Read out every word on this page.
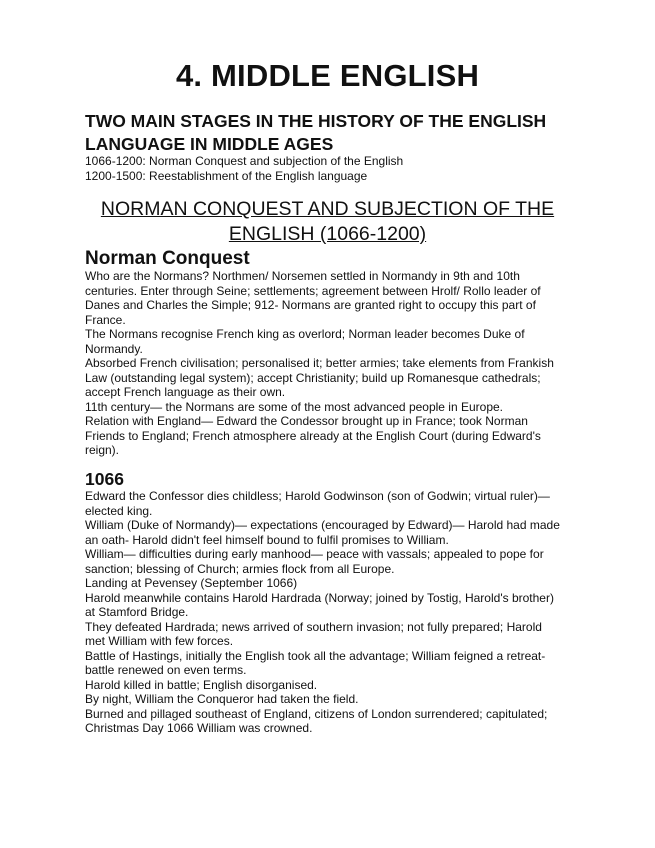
4. MIDDLE ENGLISH
TWO MAIN STAGES IN THE HISTORY OF THE ENGLISH
LANGUAGE IN MIDDLE AGES

1066-1200: Norman Conquest and subjection of the English

1200-1500: Reestablishment of the English language

NORMAN CONQUEST AND SUBJECTION OF THE
ENGLISH (1066-1200)
Norman Conquest

Who are the Normans? Northmen/ Norsemen settled in Normandy in 9th and 10th

centuries. Enter through Seine; settlements; agreement between Hrolf/ Rollo leader of

Danes and Charles the Simple; 912- Normans are granted right to occupy this part of

France.

The Normans recognise French king as overlord; Norman leader becomes Duke of

Normandy.

Absorbed French civilisation; personalised it; better armies; take elements from Frankish

Law (outstanding legal system); accept Christianity; build up Romanesque cathedrals;

accept French language as their own.

11th century— the Normans are some of the most advanced people in Europe.

Relation with England— Edward the Condessor brought up in France; took Norman

Friends to England; French atmosphere already at the English Court (during Edward's

reign).

1066

Edward the Confessor dies childless; Harold Godwinson (son of Godwin; virtual ruler)—

elected king.

William (Duke of Normandy)— expectations (encouraged by Edward)— Harold had made

an oath- Harold didn't feel himself bound to fulfil promises to William.

William— difficulties during early manhood— peace with vassals; appealed to pope for

sanction; blessing of Church; armies flock from all Europe.

Landing at Pevensey (September 1066)

Harold meanwhile contains Harold Hardrada (Norway; joined by Tostig, Harold's brother)

at Stamford Bridge.

They defeated Hardrada; news arrived of southern invasion; not fully prepared; Harold

met William with few forces.

Battle of Hastings, initially the English took all the advantage; William feigned a retreat-

battle renewed on even terms.

Harold killed in battle; English disorganised.

By night, William the Conqueror had taken the field.

Burned and pillaged southeast of England, citizens of London surrendered; capitulated;

Christmas Day 1066 William was crowned.
